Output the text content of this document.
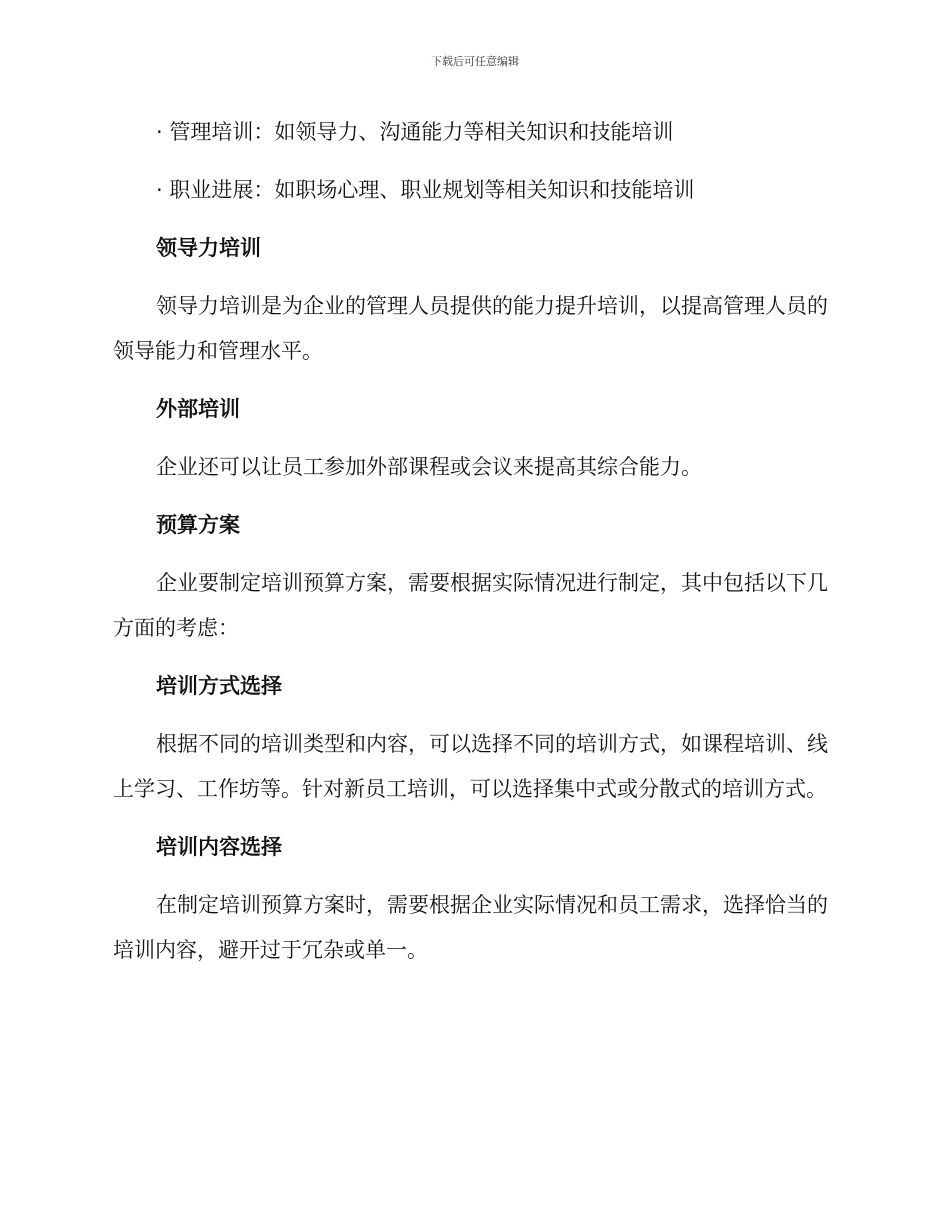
下载后可任意编辑

· 管理培训：如领导力、沟通能力等相关知识和技能培训

· 职业进展：如职场心理、职业规划等相关知识和技能培训

领导力培训

领导力培训是为企业的管理人员提供的能力提升培训，以提高管理人员的领导能力和管理水平。

外部培训

企业还可以让员工参加外部课程或会议来提高其综合能力。

预算方案

企业要制定培训预算方案，需要根据实际情况进行制定，其中包括以下几方面的考虑：

培训方式选择

根据不同的培训类型和内容，可以选择不同的培训方式，如课程培训、线上学习、工作坊等。针对新员工培训，可以选择集中式或分散式的培训方式。

培训内容选择

在制定培训预算方案时，需要根据企业实际情况和员工需求，选择恰当的培训内容，避开过于冗杂或单一。
